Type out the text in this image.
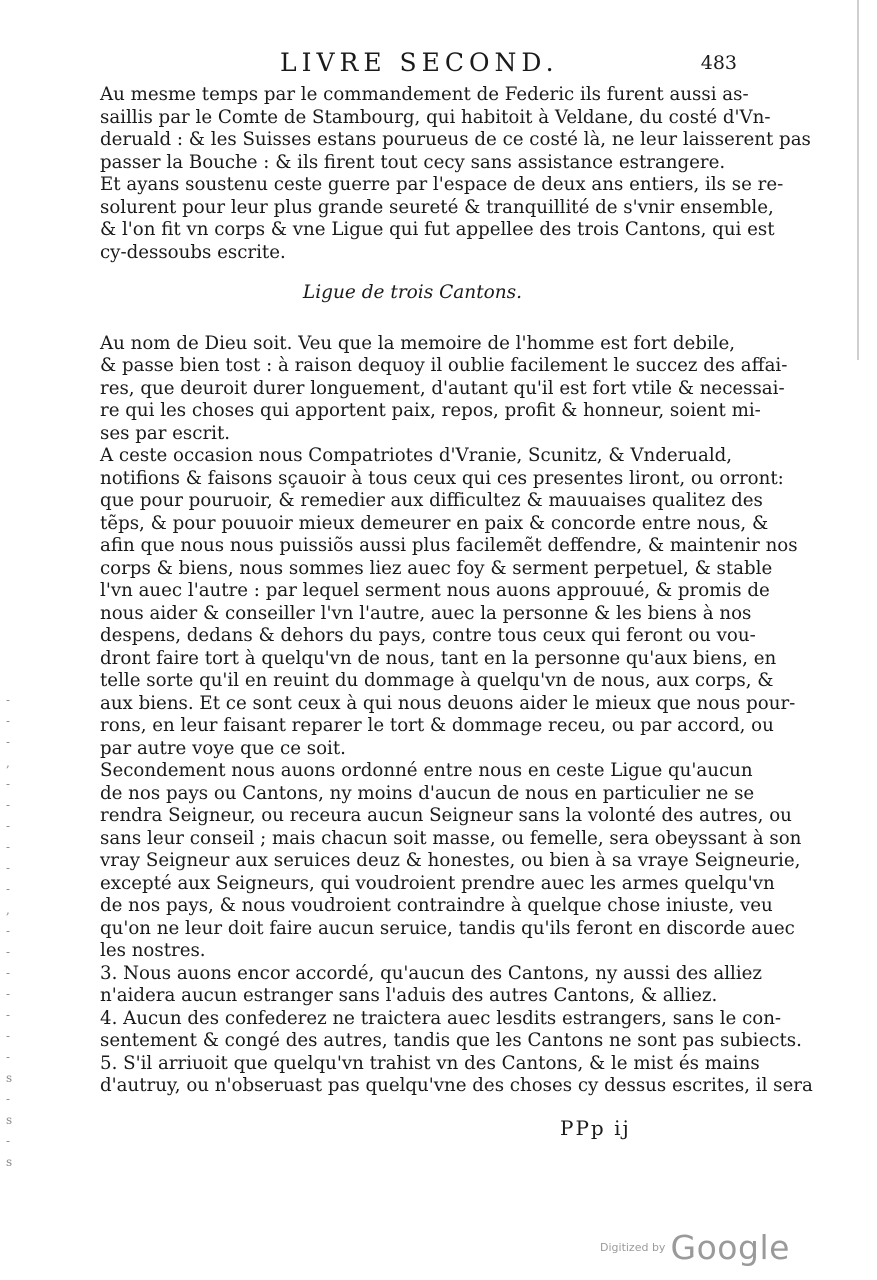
LIVRE SECOND.	483
-
-
-
,
-
-
-
-
-
-
,
-
-
-
-
-
-
-
s
-
s
-
s
Au mesme temps par le commandement de Federic ils furent aussi as-
saillis par le Comte de Stambourg, qui habitoit à Veldane, du costé d'Vn-
deruald : & les Suisses estans pourueus de ce costé là, ne leur laisserent pas
passer la Bouche : & ils firent tout cecy sans assistance estrangere.
Et ayans soustenu ceste guerre par l'espace de deux ans entiers, ils se re-
solurent pour leur plus grande seureté & tranquillité de s'vnir ensemble,
& l'on fit vn corps & vne Ligue qui fut appellee des trois Cantons, qui est
cy-dessoubs escrite.
Ligue de trois Cantons.
Au nom de Dieu soit. Veu que la memoire de l'homme est fort debile,
& passe bien tost : à raison dequoy il oublie facilement le succez des affai-
res, que deuroit durer longuement, d'autant qu'il est fort vtile & necessai-
re qui les choses qui apportent paix, repos, profit & honneur, soient mi-
ses par escrit.
A ceste occasion nous Compatriotes d'Vranie, Scunitz, & Vnderuald,
notifions & faisons sçauoir à tous ceux qui ces presentes liront, ou orront:
que pour pouruoir, & remedier aux difficultez & mauuaises qualitez des
tẽps, & pour pouuoir mieux demeurer en paix & concorde entre nous, &
afin que nous nous puissiõs aussi plus facilemẽt deffendre, & maintenir nos
corps & biens, nous sommes liez auec foy & serment perpetuel, & stable
l'vn auec l'autre : par lequel serment nous auons approuué, & promis de
nous aider & conseiller l'vn l'autre, auec la personne & les biens à nos
despens, dedans & dehors du pays, contre tous ceux qui feront ou vou-
dront faire tort à quelqu'vn de nous, tant en la personne qu'aux biens, en
telle sorte qu'il en reuint du dommage à quelqu'vn de nous, aux corps, &
aux biens. Et ce sont ceux à qui nous deuons aider le mieux que nous pour-
rons, en leur faisant reparer le tort & dommage receu, ou par accord, ou
par autre voye que ce soit.
Secondement nous auons ordonné entre nous en ceste Ligue qu'aucun
de nos pays ou Cantons, ny moins d'aucun de nous en particulier ne se
rendra Seigneur, ou receura aucun Seigneur sans la volonté des autres, ou
sans leur conseil ; mais chacun soit masse, ou femelle, sera obeyssant à son
vray Seigneur aux seruices deuz & honestes, ou bien à sa vraye Seigneurie,
excepté aux Seigneurs, qui voudroient prendre auec les armes quelqu'vn
de nos pays, & nous voudroient contraindre à quelque chose iniuste, veu
qu'on ne leur doit faire aucun seruice, tandis qu'ils feront en discorde auec
les nostres.
3. Nous auons encor accordé, qu'aucun des Cantons, ny aussi des alliez
n'aidera aucun estranger sans l'aduis des autres Cantons, & alliez.
4. Aucun des confederez ne traictera auec lesdits estrangers, sans le con-
sentement & congé des autres, tandis que les Cantons ne sont pas subiects.
5. S'il arriuoit que quelqu'vn trahist vn des Cantons, & le mist és mains
d'autruy, ou n'obseruast pas quelqu'vne des choses cy dessus escrites, il sera
PPp ij
Digitized by Google
